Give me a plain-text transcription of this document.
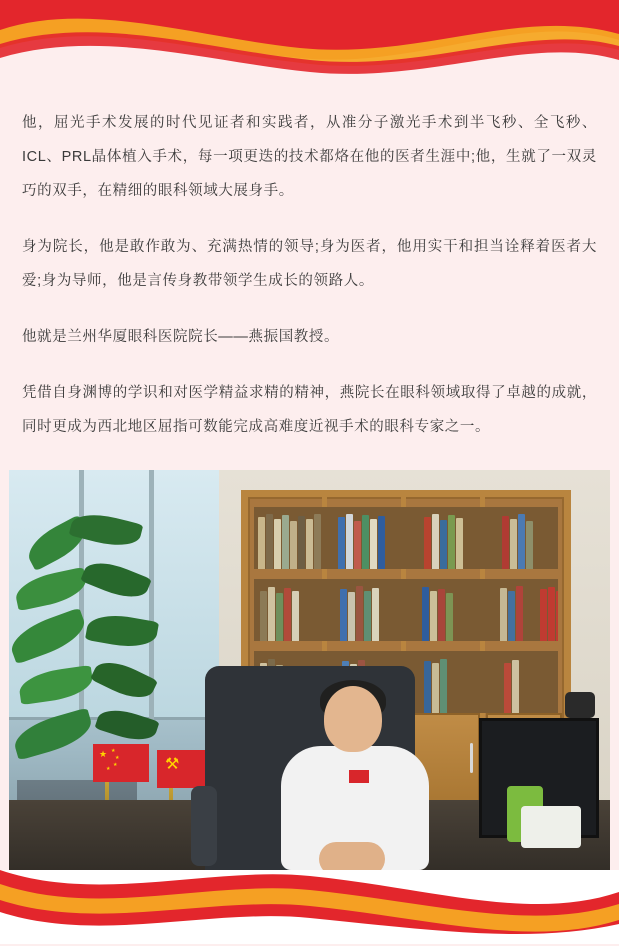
他，屈光手术发展的时代见证者和实践者，从准分子激光手术到半飞秒、全飞秒、ICL、PRL晶体植入手术，每一项更迭的技术都烙在他的医者生涯中;他，生就了一双灵巧的双手，在精细的眼科领域大展身手。

身为院长，他是敢作敢为、充满热情的领导;身为医者，他用实干和担当诠释着医者大爱;身为导师，他是言传身教带领学生成长的领路人。

他就是兰州华厦眼科医院院长——燕振国教授。

凭借自身渊博的学识和对医学精益求精的精神，燕院长在眼科领域取得了卓越的成就，同时更成为西北地区屈指可数能完成高难度近视手术的眼科专家之一。

★ ★
★
★
★	⚒
